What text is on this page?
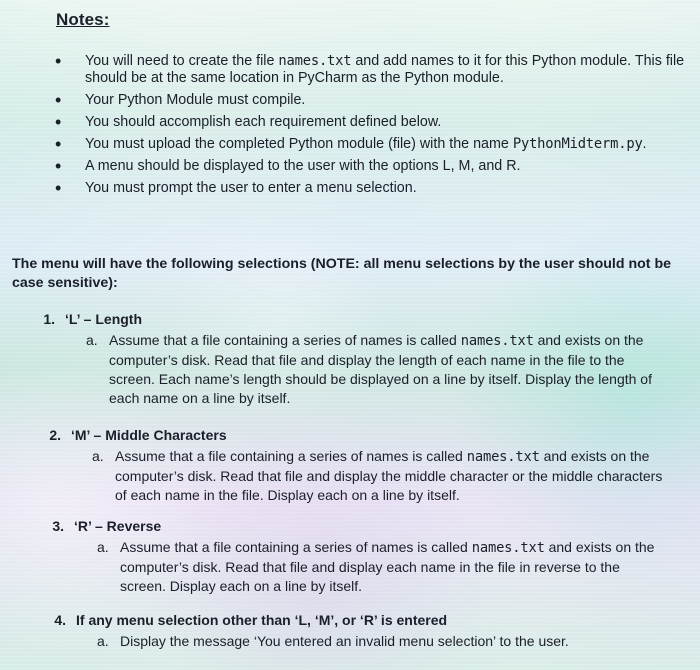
Notes:
• You will need to create the file names.txt and add names to it for this Python module. This file should be at the same location in PyCharm as the Python module.
• Your Python Module must compile.
• You should accomplish each requirement defined below.
• You must upload the completed Python module (file) with the name PythonMidterm.py.
• A menu should be displayed to the user with the options L, M, and R.
• You must prompt the user to enter a menu selection.
The menu will have the following selections (NOTE: all menu selections by the user should not be case sensitive):
1. ‘L’ – Length
a. Assume that a file containing a series of names is called names.txt and exists on the computer’s disk. Read that file and display the length of each name in the file to the screen. Each name’s length should be displayed on a line by itself. Display the length of each name on a line by itself.
2. ‘M’ – Middle Characters
a. Assume that a file containing a series of names is called names.txt and exists on the computer’s disk. Read that file and display the middle character or the middle characters of each name in the file. Display each on a line by itself.
3. ‘R’ – Reverse
a. Assume that a file containing a series of names is called names.txt and exists on the computer’s disk. Read that file and display each name in the file in reverse to the screen. Display each on a line by itself.
4. If any menu selection other than ‘L, ‘M’, or ‘R’ is entered
a. Display the message ‘You entered an invalid menu selection’ to the user.
